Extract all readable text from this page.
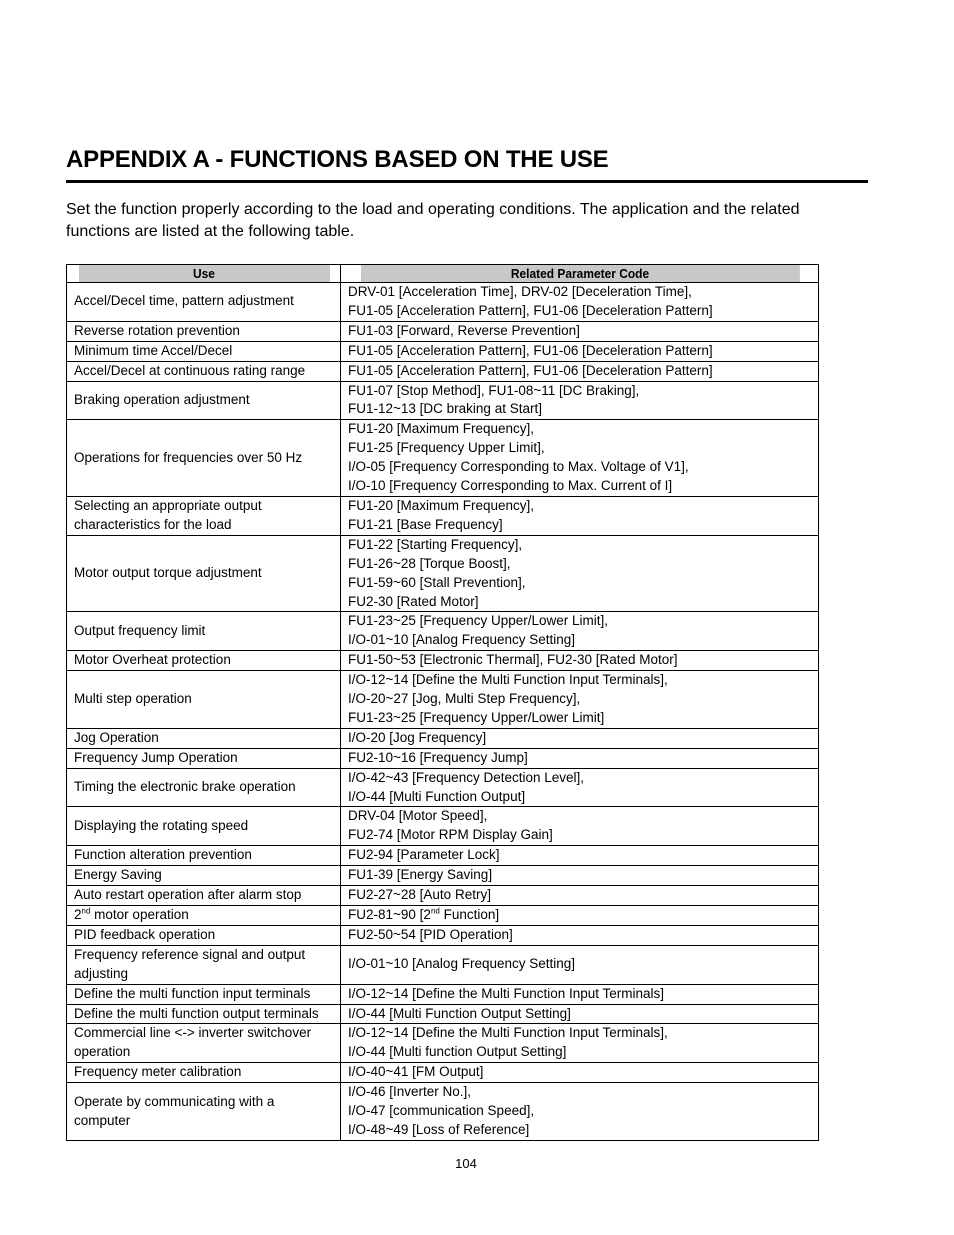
APPENDIX A - FUNCTIONS BASED ON THE USE
Set the function properly according to the load and operating conditions. The application and the related functions are listed at the following table.
Use	Related Parameter Code
Accel/Decel time, pattern adjustment	DRV-01 [Acceleration Time], DRV-02 [Deceleration Time],
FU1-05 [Acceleration Pattern], FU1-06 [Deceleration Pattern]

Reverse rotation prevention	FU1-03 [Forward, Reverse Prevention]

Minimum time Accel/Decel	FU1-05 [Acceleration Pattern], FU1-06 [Deceleration Pattern]

Accel/Decel at continuous rating range	FU1-05 [Acceleration Pattern], FU1-06 [Deceleration Pattern]

Braking operation adjustment	FU1-07 [Stop Method], FU1-08~11 [DC Braking],
FU1-12~13 [DC braking at Start]

Operations for frequencies over 50 Hz	FU1-20 [Maximum Frequency],
FU1-25 [Frequency Upper Limit],
I/O-05 [Frequency Corresponding to Max. Voltage of V1],
I/O-10 [Frequency Corresponding to Max. Current of I]

Selecting an appropriate output characteristics for the load	FU1-20 [Maximum Frequency],
FU1-21 [Base Frequency]

Motor output torque adjustment	FU1-22 [Starting Frequency],
FU1-26~28 [Torque Boost],
FU1-59~60 [Stall Prevention],
FU2-30 [Rated Motor]

Output frequency limit	FU1-23~25 [Frequency Upper/Lower Limit],
I/O-01~10 [Analog Frequency Setting]

Motor Overheat protection	FU1-50~53 [Electronic Thermal], FU2-30 [Rated Motor]

Multi step operation	I/O-12~14 [Define the Multi Function Input Terminals],
I/O-20~27 [Jog, Multi Step Frequency],
FU1-23~25 [Frequency Upper/Lower Limit]

Jog Operation	I/O-20 [Jog Frequency]

Frequency Jump Operation	FU2-10~16 [Frequency Jump]

Timing the electronic brake operation	I/O-42~43 [Frequency Detection Level],
I/O-44 [Multi Function Output]

Displaying the rotating speed	DRV-04 [Motor Speed],
FU2-74 [Motor RPM Display Gain]

Function alteration prevention	FU2-94 [Parameter Lock]

Energy Saving	FU1-39 [Energy Saving]

Auto restart operation after alarm stop	FU2-27~28 [Auto Retry]

2nd motor operation	FU2-81~90 [2nd Function]

PID feedback operation	FU2-50~54 [PID Operation]

Frequency reference signal and output adjusting	I/O-01~10 [Analog Frequency Setting]

Define the multi function input terminals	I/O-12~14 [Define the Multi Function Input Terminals]

Define the multi function output terminals	I/O-44 [Multi Function Output Setting]

Commercial line <-> inverter switchover operation	I/O-12~14 [Define the Multi Function Input Terminals],
I/O-44 [Multi function Output Setting]

Frequency meter calibration	I/O-40~41 [FM Output]

Operate by communicating with a computer	I/O-46 [Inverter No.],
I/O-47 [communication Speed],
I/O-48~49 [Loss of Reference]
104
